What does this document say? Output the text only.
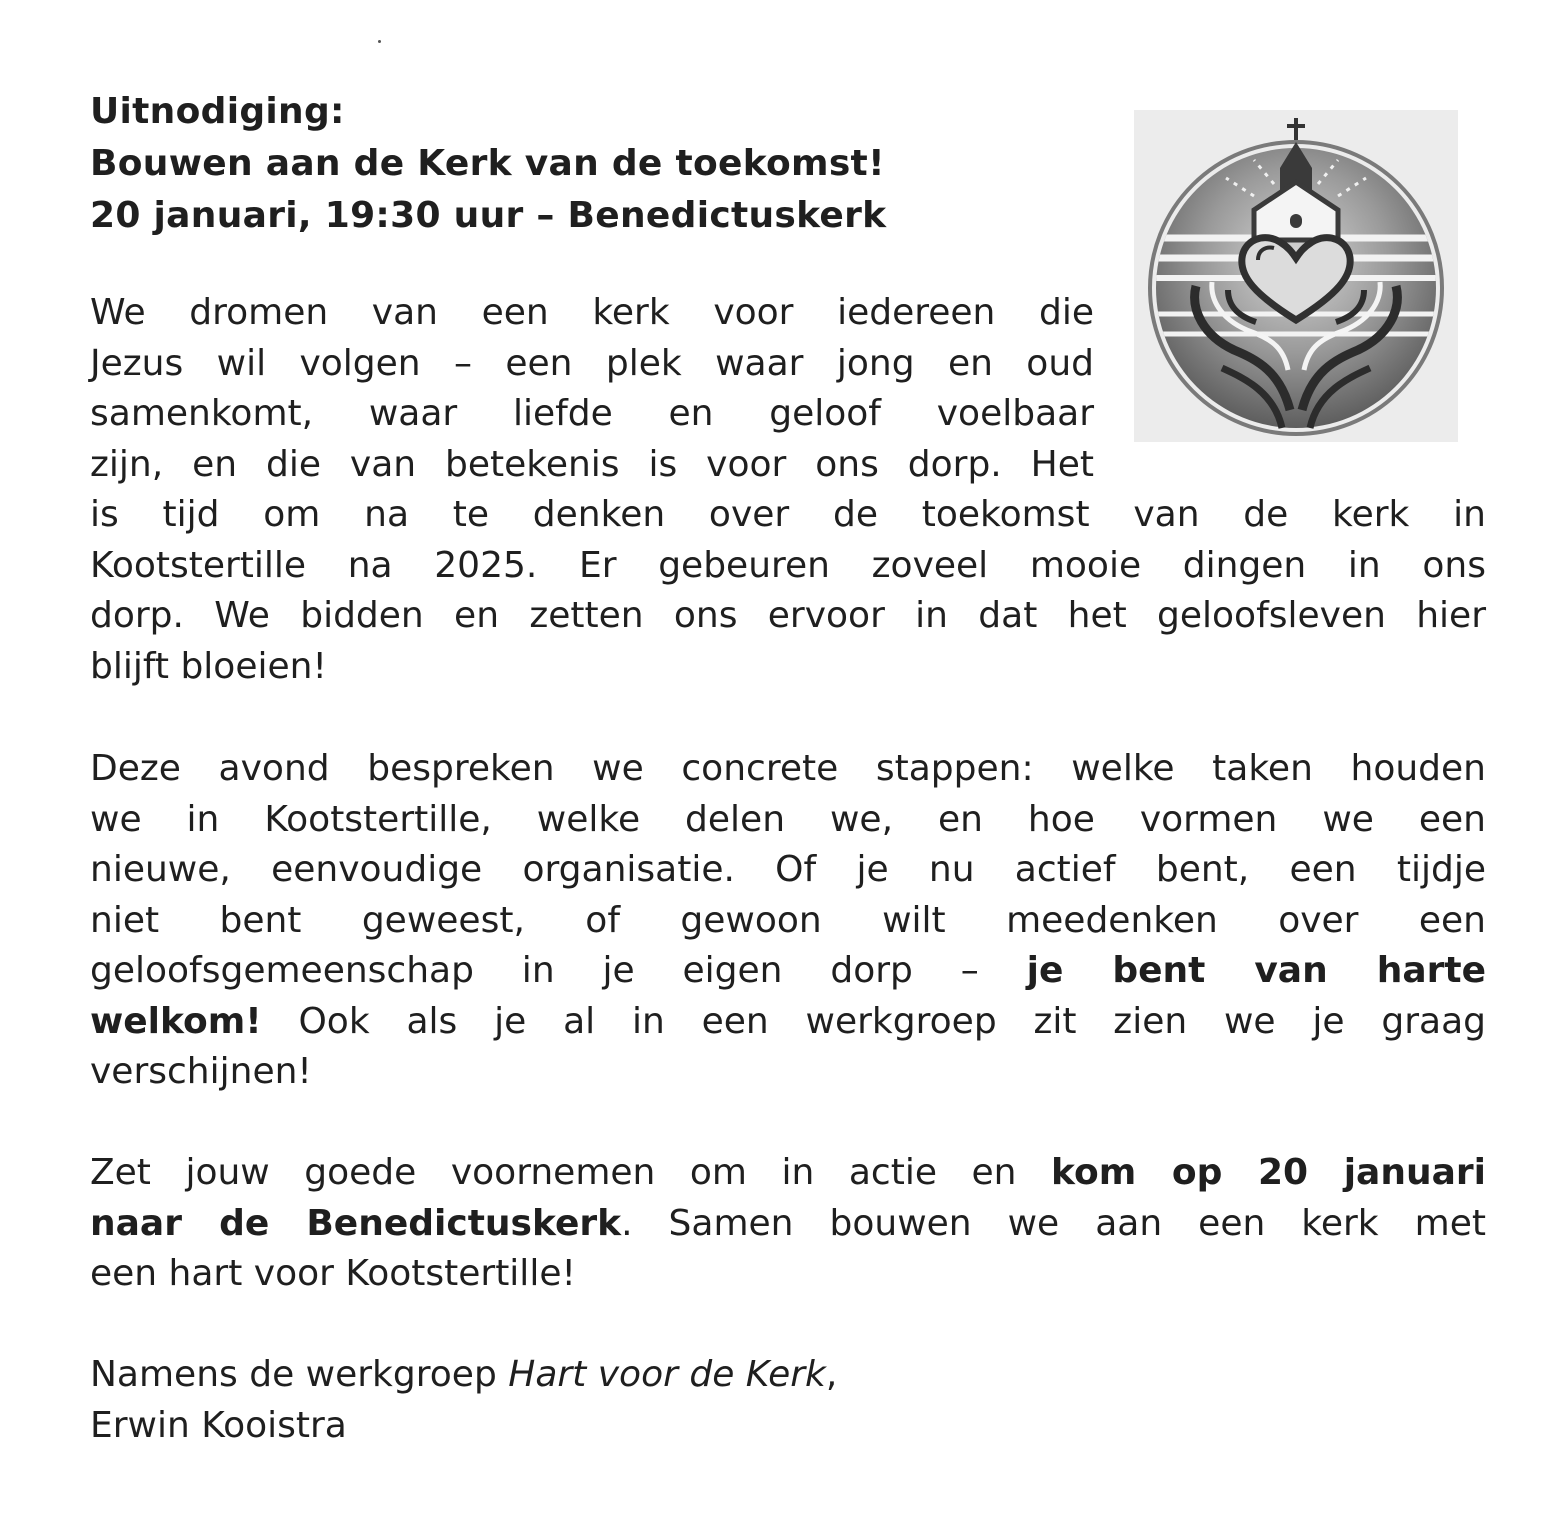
Uitnodiging:
Bouwen aan de Kerk van de toekomst!
20 januari, 19:30 uur – Benedictuskerk
We dromen van een kerk voor iedereen die
Jezus wil volgen – een plek waar jong en oud
samenkomt, waar liefde en geloof voelbaar
zijn, en die van betekenis is voor ons dorp. Het
is tijd om na te denken over de toekomst van de kerk in
Kootstertille na 2025. Er gebeuren zoveel mooie dingen in ons
dorp. We bidden en zetten ons ervoor in dat het geloofsleven hier
blijft bloeien!
Deze avond bespreken we concrete stappen: welke taken houden
we in Kootstertille, welke delen we, en hoe vormen we een
nieuwe, eenvoudige organisatie. Of je nu actief bent, een tijdje
niet bent geweest, of gewoon wilt meedenken over een
geloofsgemeenschap in je eigen dorp – je bent van harte
welkom! Ook als je al in een werkgroep zit zien we je graag
verschijnen!
Zet jouw goede voornemen om in actie en kom op 20 januari
naar de Benedictuskerk. Samen bouwen we aan een kerk met
een hart voor Kootstertille!
Namens de werkgroep Hart voor de Kerk,
Erwin Kooistra
